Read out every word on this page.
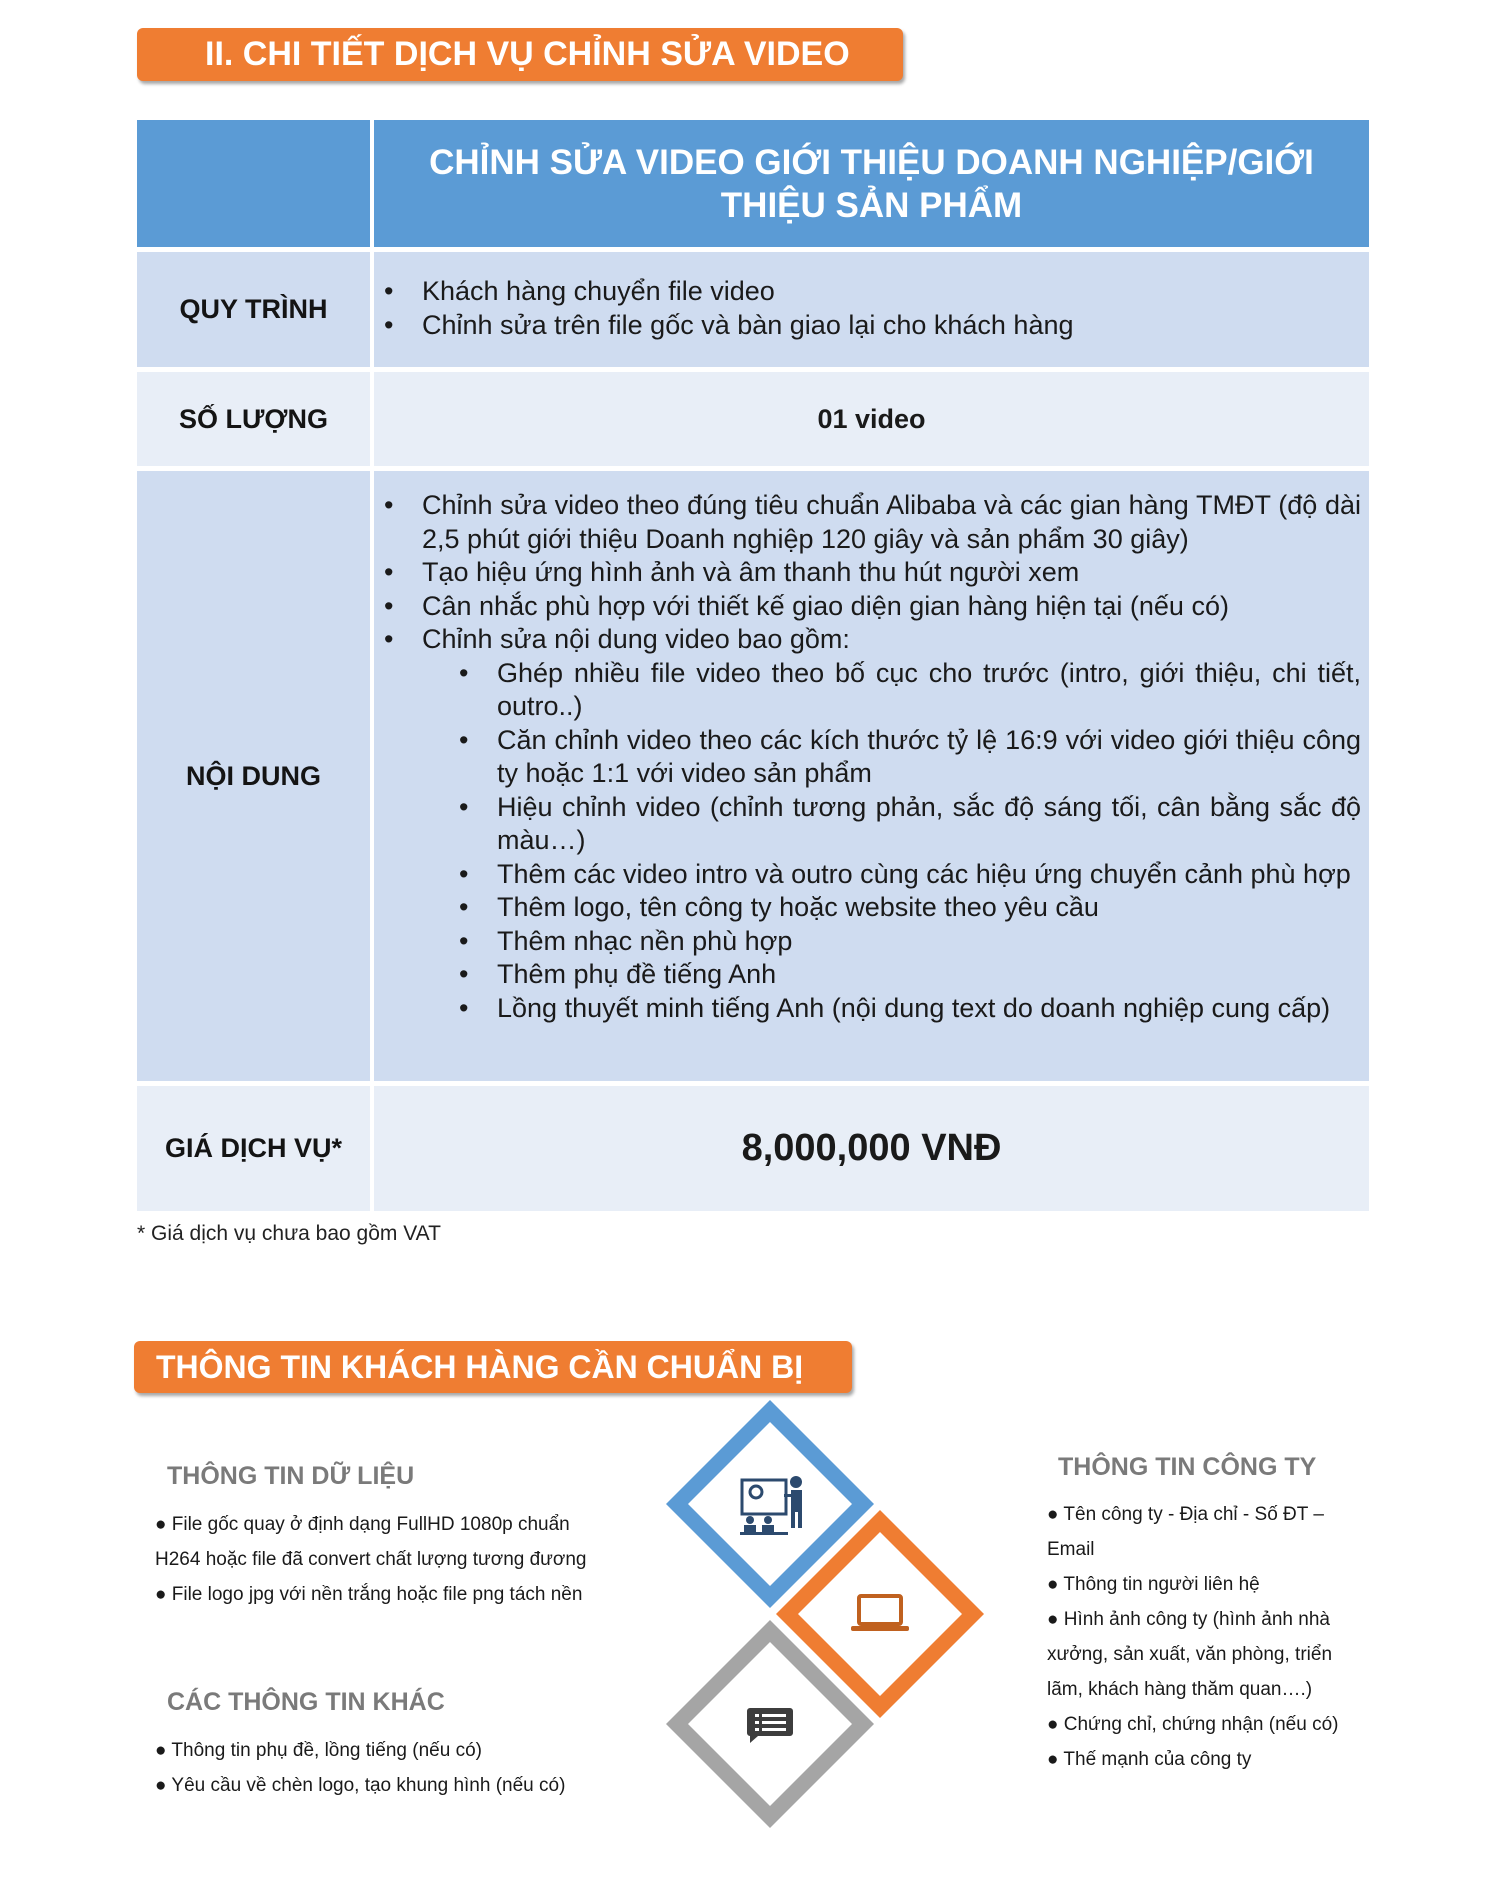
II. CHI TIẾT DỊCH VỤ CHỈNH SỬA VIDEO
CHỈNH SỬA VIDEO GIỚI THIỆU DOANH NGHIỆP/GIỚI THIỆU SẢN PHẨM
QUY TRÌNH
• Khách hàng chuyển file video
• Chỉnh sửa trên file gốc và bàn giao lại cho khách hàng
SỐ LƯỢNG	01 video
NỘI DUNG
• Chỉnh sửa video theo đúng tiêu chuẩn Alibaba và các gian hàng TMĐT (độ dài 2,5 phút giới thiệu Doanh nghiệp 120 giây và sản phẩm 30 giây)
• Tạo hiệu ứng hình ảnh và âm thanh thu hút người xem
• Cân nhắc phù hợp với thiết kế giao diện gian hàng hiện tại (nếu có)
• Chỉnh sửa nội dung video bao gồm:
• Ghép nhiều file video theo bố cục cho trước (intro, giới thiệu, chi tiết, outro..)
• Căn chỉnh video theo các kích thước tỷ lệ 16:9 với video giới thiệu công ty hoặc 1:1 với video sản phẩm
• Hiệu chỉnh video (chỉnh tương phản, sắc độ sáng tối, cân bằng sắc độ màu…)
• Thêm các video intro và outro cùng các hiệu ứng chuyển cảnh phù hợp
• Thêm logo, tên công ty hoặc website theo yêu cầu
• Thêm nhạc nền phù hợp
• Thêm phụ đề tiếng Anh
• Lồng thuyết minh tiếng Anh (nội dung text do doanh nghiệp cung cấp)
GIÁ DỊCH VỤ*	8,000,000 VNĐ
* Giá dịch vụ chưa bao gồm VAT
THÔNG TIN KHÁCH HÀNG CẦN CHUẨN BỊ
THÔNG TIN DỮ LIỆU
● File gốc quay ở định dạng FullHD 1080p chuẩn
H264 hoặc file đã convert chất lượng tương đương
● File logo jpg với nền trắng hoặc file png tách nền
CÁC THÔNG TIN KHÁC
● Thông tin phụ đề, lồng tiếng (nếu có)
● Yêu cầu về chèn logo, tạo khung hình (nếu có)
THÔNG TIN CÔNG TY
● Tên công ty - Địa chỉ - Số ĐT –
Email
● Thông tin người liên hệ
● Hình ảnh công ty (hình ảnh nhà
xưởng, sản xuất, văn phòng, triển
lãm, khách hàng thăm quan….)
● Chứng chỉ, chứng nhận (nếu có)
● Thế mạnh của công ty
